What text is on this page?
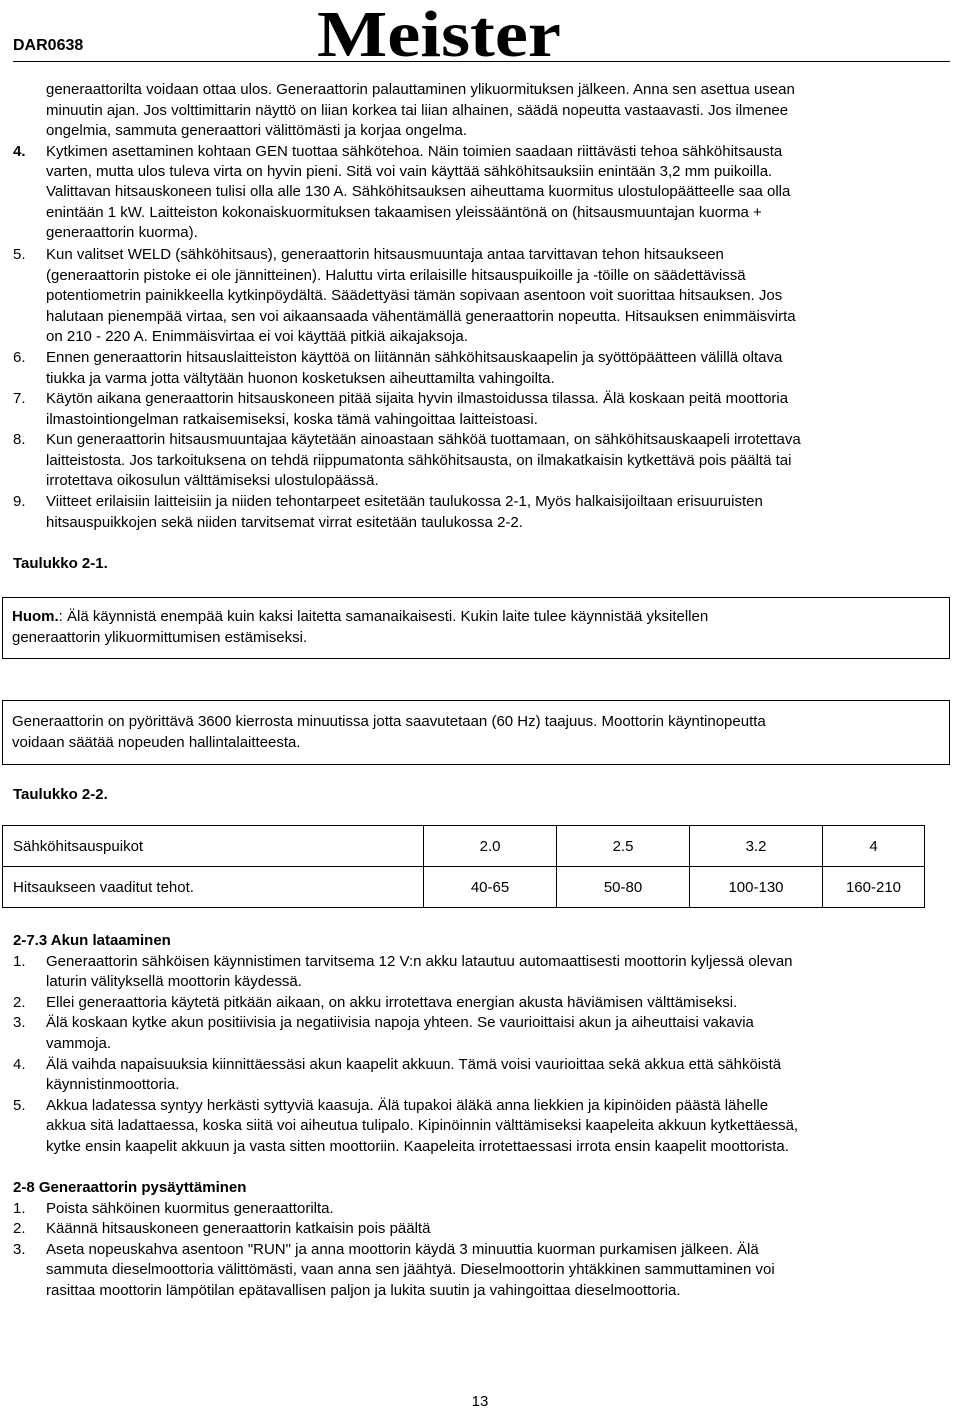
DAR0638	Meister
generaattorilta voidaan ottaa ulos. Generaattorin palauttaminen ylikuormituksen jälkeen. Anna sen asettua usean
minuutin ajan. Jos volttimittarin näyttö on liian korkea tai liian alhainen, säädä nopeutta vastaavasti. Jos ilmenee
ongelmia, sammuta generaattori välittömästi ja korjaa ongelma.
4. Kytkimen asettaminen kohtaan GEN tuottaa sähkötehoa. Näin toimien saadaan riittävästi tehoa sähköhitsausta
varten, mutta ulos tuleva virta on hyvin pieni. Sitä voi vain käyttää sähköhitsauksiin enintään 3,2 mm puikoilla.
Valittavan hitsauskoneen tulisi olla alle 130 A. Sähköhitsauksen aiheuttama kuormitus ulostulopäätteelle saa olla
enintään 1 kW. Laitteiston kokonaiskuormituksen takaamisen yleissääntönä on (hitsausmuuntajan kuorma +
generaattorin kuorma).
5. Kun valitset WELD (sähköhitsaus), generaattorin hitsausmuuntaja antaa tarvittavan tehon hitsaukseen
(generaattorin pistoke ei ole jännitteinen). Haluttu virta erilaisille hitsauspuikoille ja -töille on säädettävissä
potentiometrin painikkeella kytkinpöydältä. Säädettyäsi tämän sopivaan asentoon voit suorittaa hitsauksen. Jos
halutaan pienempää virtaa, sen voi aikaansaada vähentämällä generaattorin nopeutta. Hitsauksen enimmäisvirta
on 210 - 220 A. Enimmäisvirtaa ei voi käyttää pitkiä aikajaksoja.
6. Ennen generaattorin hitsauslaitteiston käyttöä on liitännän sähköhitsauskaapelin ja syöttöpäätteen välillä oltava
tiukka ja varma jotta vältytään huonon kosketuksen aiheuttamilta vahingoilta.
7. Käytön aikana generaattorin hitsauskoneen pitää sijaita hyvin ilmastoidussa tilassa. Älä koskaan peitä moottoria
ilmastointiongelman ratkaisemiseksi, koska tämä vahingoittaa laitteistoasi.
8. Kun generaattorin hitsausmuuntajaa käytetään ainoastaan sähköä tuottamaan, on sähköhitsauskaapeli irrotettava
laitteistosta. Jos tarkoituksena on tehdä riippumatonta sähköhitsausta, on ilmakatkaisin kytkettävä pois päältä tai
irrotettava oikosulun välttämiseksi ulostulopäässä.
9. Viitteet erilaisiin laitteisiin ja niiden tehontarpeet esitetään taulukossa 2-1, Myös halkaisijoiltaan erisuuruisten
hitsauspuikkojen sekä niiden tarvitsemat virrat esitetään taulukossa 2-2.
Taulukko 2-1.
Huom.: Älä käynnistä enempää kuin kaksi laitetta samanaikaisesti. Kukin laite tulee käynnistää yksitellen
generaattorin ylikuormittumisen estämiseksi.
Generaattorin on pyörittävä 3600 kierrosta minuutissa jotta saavutetaan (60 Hz) taajuus. Moottorin käyntinopeutta
voidaan säätää nopeuden hallintalaitteesta.
Taulukko 2-2.
Sähköhitsauspuikot	2.0	2.5	3.2	4
Hitsaukseen vaaditut tehot.	40-65	50-80	100-130	160-210
2-7.3 Akun lataaminen
1. Generaattorin sähköisen käynnistimen tarvitsema 12 V:n akku latautuu automaattisesti moottorin kyljessä olevan
laturin välityksellä moottorin käydessä.
2. Ellei generaattoria käytetä pitkään aikaan, on akku irrotettava energian akusta häviämisen välttämiseksi.
3. Älä koskaan kytke akun positiivisia ja negatiivisia napoja yhteen. Se vaurioittaisi akun ja aiheuttaisi vakavia
vammoja.
4. Älä vaihda napaisuuksia kiinnittäessäsi akun kaapelit akkuun. Tämä voisi vaurioittaa sekä akkua että sähköistä
käynnistinmoottoria.
5. Akkua ladatessa syntyy herkästi syttyviä kaasuja. Älä tupakoi äläkä anna liekkien ja kipinöiden päästä lähelle
akkua sitä ladattaessa, koska siitä voi aiheutua tulipalo. Kipinöinnin välttämiseksi kaapeleita akkuun kytkettäessä,
kytke ensin kaapelit akkuun ja vasta sitten moottoriin. Kaapeleita irrotettaessasi irrota ensin kaapelit moottorista.
2-8 Generaattorin pysäyttäminen
1. Poista sähköinen kuormitus generaattorilta.
2. Käännä hitsauskoneen generaattorin katkaisin pois päältä
3. Aseta nopeuskahva asentoon "RUN" ja anna moottorin käydä 3 minuuttia kuorman purkamisen jälkeen. Älä
sammuta dieselmoottoria välittömästi, vaan anna sen jäähtyä. Dieselmoottorin yhtäkkinen sammuttaminen voi
rasittaa moottorin lämpötilan epätavallisen paljon ja lukita suutin ja vahingoittaa dieselmoottoria.
13
